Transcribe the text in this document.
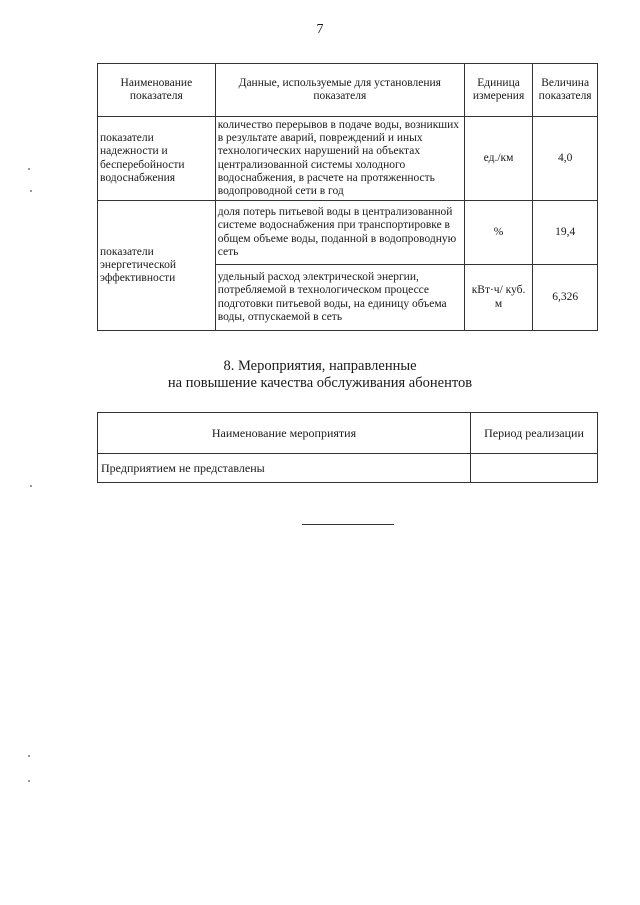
7
Наименование показателя	Данные, используемые для установления показателя	Единица измерения	Величина показателя
показатели надежности и бесперебойности водоснабжения	количество перерывов в подаче воды, возникших в результате аварий, повреждений и иных технологических нарушений на объектах централизованной системы холодного водоснабжения, в расчете на протяженность водопроводной сети в год	ед./км	4,0
показатели энергетической эффективности	доля потерь питьевой воды в централизованной системе водоснабжения при транспортировке в общем объеме воды, поданной в водопроводную сеть	%	19,4
	удельный расход электрической энергии, потребляемой в технологическом процессе подготовки питьевой воды, на единицу объема воды, отпускаемой в сеть	кВт·ч/ куб. м	6,326
8. Мероприятия, направленные
на повышение качества обслуживания абонентов
Наименование мероприятия	Период реализации
Предприятием не представлены	
